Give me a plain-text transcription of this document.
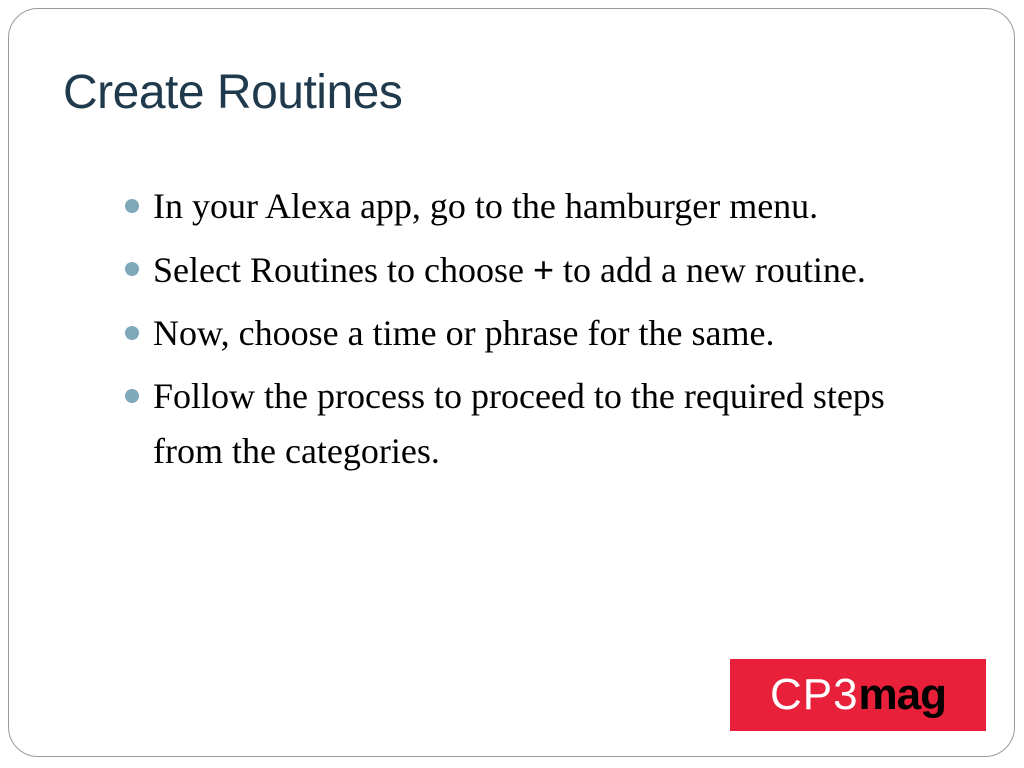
Create Routines
In your Alexa app, go to the hamburger menu.
Select Routines to choose + to add a new routine.
Now, choose a time or phrase for the same.
Follow the process to proceed to the required steps from the categories.
CP3 mag
